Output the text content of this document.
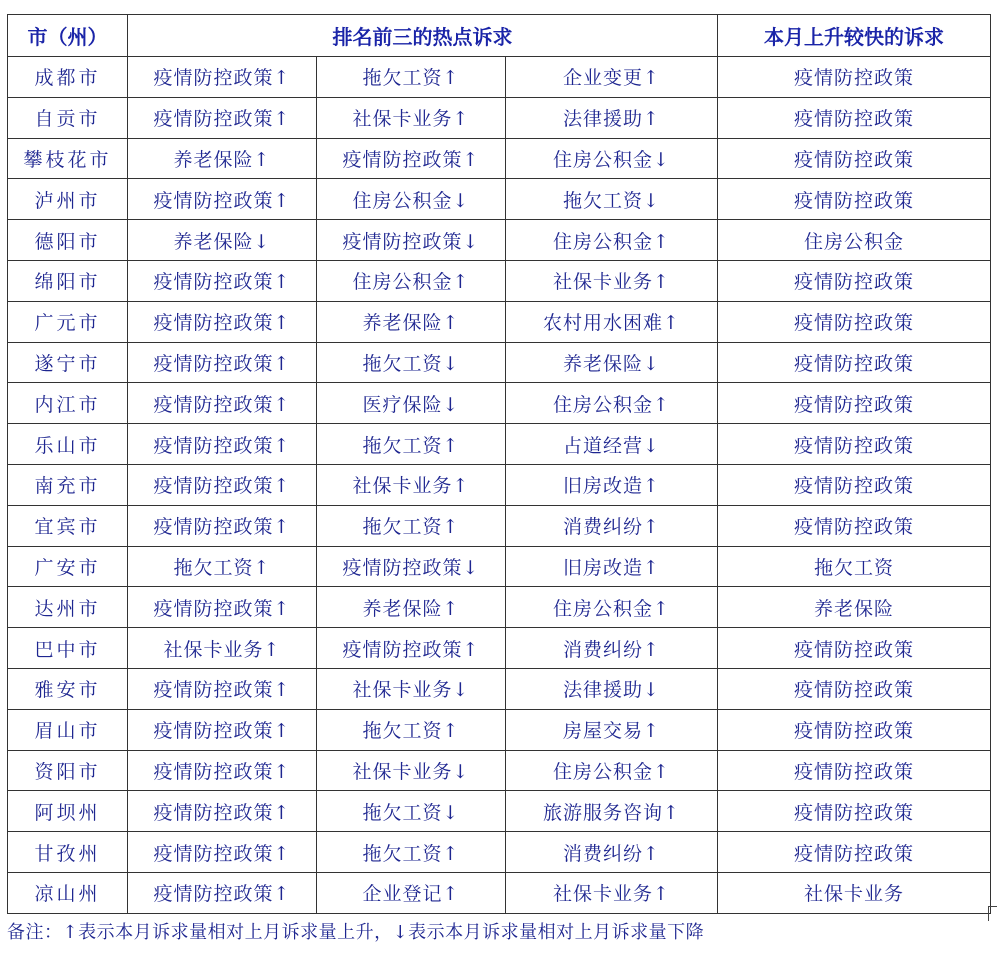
市（州）	排名前三的热点诉求			本月上升较快的诉求
成都市	疫情防控政策↑	拖欠工资↑	企业变更↑	疫情防控政策
自贡市	疫情防控政策↑	社保卡业务↑	法律援助↑	疫情防控政策
攀枝花市	养老保险↑	疫情防控政策↑	住房公积金↓	疫情防控政策
泸州市	疫情防控政策↑	住房公积金↓	拖欠工资↓	疫情防控政策
德阳市	养老保险↓	疫情防控政策↓	住房公积金↑	住房公积金
绵阳市	疫情防控政策↑	住房公积金↑	社保卡业务↑	疫情防控政策
广元市	疫情防控政策↑	养老保险↑	农村用水困难↑	疫情防控政策
遂宁市	疫情防控政策↑	拖欠工资↓	养老保险↓	疫情防控政策
内江市	疫情防控政策↑	医疗保险↓	住房公积金↑	疫情防控政策
乐山市	疫情防控政策↑	拖欠工资↑	占道经营↓	疫情防控政策
南充市	疫情防控政策↑	社保卡业务↑	旧房改造↑	疫情防控政策
宜宾市	疫情防控政策↑	拖欠工资↑	消费纠纷↑	疫情防控政策
广安市	拖欠工资↑	疫情防控政策↓	旧房改造↑	拖欠工资
达州市	疫情防控政策↑	养老保险↑	住房公积金↑	养老保险
巴中市	社保卡业务↑	疫情防控政策↑	消费纠纷↑	疫情防控政策
雅安市	疫情防控政策↑	社保卡业务↓	法律援助↓	疫情防控政策
眉山市	疫情防控政策↑	拖欠工资↑	房屋交易↑	疫情防控政策
资阳市	疫情防控政策↑	社保卡业务↓	住房公积金↑	疫情防控政策
阿坝州	疫情防控政策↑	拖欠工资↓	旅游服务咨询↑	疫情防控政策
甘孜州	疫情防控政策↑	拖欠工资↑	消费纠纷↑	疫情防控政策
凉山州	疫情防控政策↑	企业登记↑	社保卡业务↑	社保卡业务
备注：↑表示本月诉求量相对上月诉求量上升，↓表示本月诉求量相对上月诉求量下降
